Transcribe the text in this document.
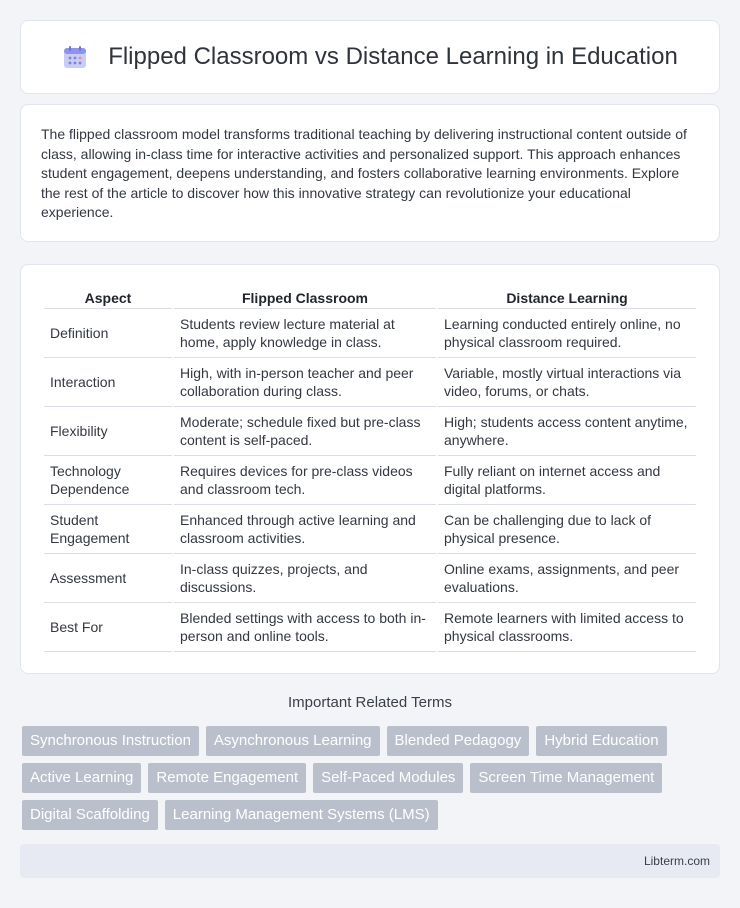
Flipped Classroom vs Distance Learning in Education

The flipped classroom model transforms traditional teaching by delivering instructional content outside of class, allowing in-class time for interactive activities and personalized support. This approach enhances student engagement, deepens understanding, and fosters collaborative learning environments. Explore the rest of the article to discover how this innovative strategy can revolutionize your educational experience.

Aspect	Flipped Classroom	Distance Learning
Definition	Students review lecture material at home, apply knowledge in class.	Learning conducted entirely online, no physical classroom required.
Interaction	High, with in-person teacher and peer collaboration during class.	Variable, mostly virtual interactions via video, forums, or chats.
Flexibility	Moderate; schedule fixed but pre-class content is self-paced.	High; students access content anytime, anywhere.
Technology Dependence	Requires devices for pre-class videos and classroom tech.	Fully reliant on internet access and digital platforms.
Student Engagement	Enhanced through active learning and classroom activities.	Can be challenging due to lack of physical presence.
Assessment	In-class quizzes, projects, and discussions.	Online exams, assignments, and peer evaluations.
Best For	Blended settings with access to both in-person and online tools.	Remote learners with limited access to physical classrooms.
Important Related Terms
Synchronous Instruction	Asynchronous Learning	Blended Pedagogy	Hybrid Education
Active Learning	Remote Engagement	Self-Paced Modules	Screen Time Management
Digital Scaffolding	Learning Management Systems (LMS)
Libterm.com
